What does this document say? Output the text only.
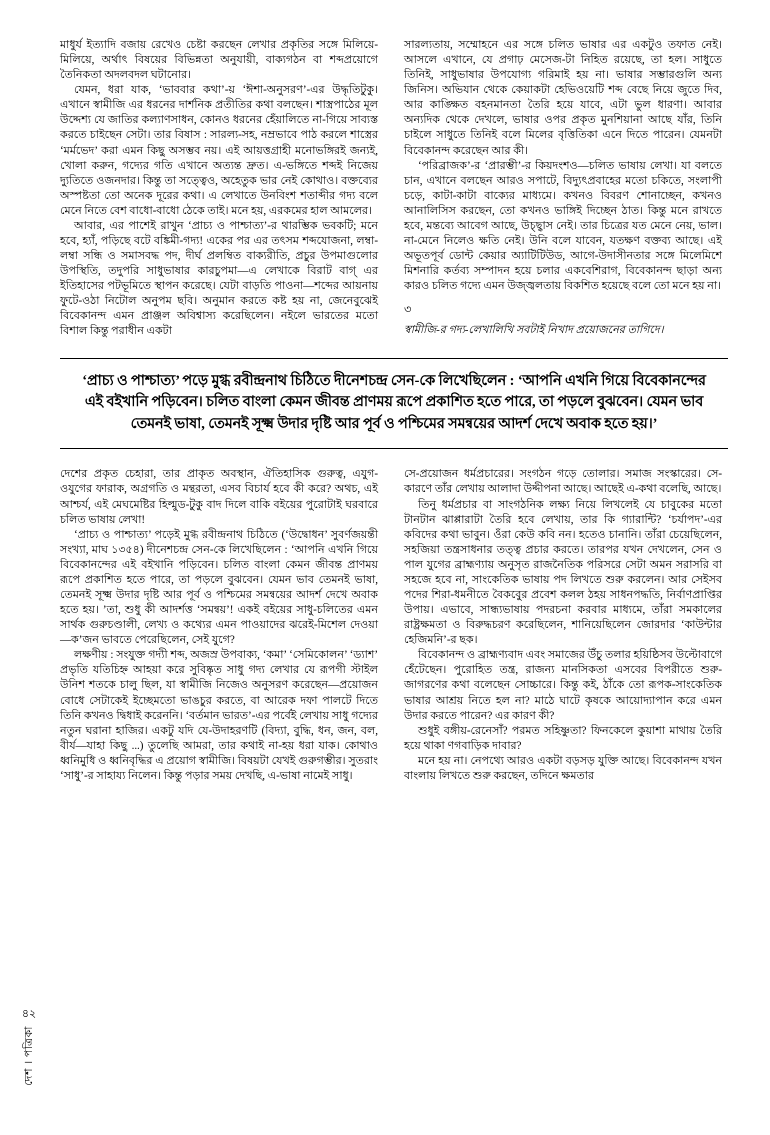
৪২
দেশ । পত্রিকা

মাধুর্য ইত্যাদি বজায় রেখেও চেষ্টা করছেন লেখার প্রকৃতির সঙ্গে মিলিয়ে-মিলিয়ে, অর্থাৎ বিষয়ের বিভিন্নতা অনুযায়ী, বাক্যগঠন বা শব্দপ্রয়োগে তৈনিকতা অদলবদল ঘটানোর।

যেমন, ধরা যাক, ‘ভাববার কথা’-য় ‘ঈশা-অনুসরণ’-এর উদ্ধৃতিটুকু। এখানে স্বামীজি এর ধরনের দার্শনিক প্রতীতির কথা বলছেন। শাস্ত্রপাঠের মূল উদ্দেশ্য যে জাতির কল্যাণসাধন, কোনও ধরনের হেঁয়ালিতে না-গিয়ে সাব্যস্ত করতে চাইছেন সেটা। তার বিষাস : সারল্য-সহ, নম্রভাবে পাঠ করলে শাস্ত্রের ‘মর্মভেদ’ করা এমন কিছু অসম্ভব নয়। এই আয়ত্তগ্রাহী মনোভঙ্গিরই জন্যই, খোলা করুন, গদ্যের গতি এখানে অত্যন্ত দ্রুত। এ-ভঙ্গিতে শব্দই নিজেয় দ্যুতিতে ওজনদার। কিন্তু তা সত্ত্বেও, অহেতুক ভার নেই কোথাও। বক্তব্যের অস্পষ্টতা তো অনেক দূরের কথা। এ লেখাতে উনবিংশ শতাব্দীর গদ্য বলে মেনে নিতে বেশ বাধো-বাধো ঠেকে তাই। মনে হয়, এরকমের হাল আমলের।

আবার, এর পাশেই রাখুন ‘প্রাচ্য ও পাশ্চাত্য’-র থারম্ভিক ভবকটি; মনে হবে, হ্যাঁ, পড়িছে বটে বঙ্কিমী-গদ্য! একের পর এর তৎসম শব্দযোজনা, লম্বা-লম্বা সন্ধি ও সমাসবদ্ধ পদ, দীর্ঘ প্রলম্বিত বাক্যরীতি, প্রচুর উপমাগুলোর উপস্থিতি, তদুপরি সাধুভাষার কারচুপমা—এ লেখাকে বিরাট বাগ্‌ এর ইতিহাসের পটভূমিতে স্থাপন করেছে। যেটা বাড়তি পাওনা—শব্দের আয়নায় ফুটে-ওঠা নিটোল অনুপম ছবি। অনুমান করতে কষ্ট হয় না, জেনেবুঝেই বিবেকানন্দ এমন প্রাঞ্জল অবিশ্বাস্য করেছিলেন। নইলে ভারতের মতো বিশাল কিন্তু পরাধীন একটা

সারল্যতায়, সম্মোহনে এর সঙ্গে চলিত ভাষার এর একটুও তফাত নেই। আসলে এখানে, যে প্রগাঢ় মেসেজ-টা নিহিত রয়েছে, তা হল। সাধুতে তিনিই, সাধুভাষার উপযোগ্য গরিমাই হয় না। ভাষার সম্ভারগুলি অন্য জিনিস। অভিযান থেকে কেয়াকটা হেভিওয়েটি শব্দ বেছে নিয়ে জুতে দিব, আর কাঙ্ক্ষিত বহনমানতা তৈরি হয়ে যাবে, এটা ভুল ধারণা। আবার অন্যদিক থেকে দেখলে, ভাষার ওপর প্রকৃত মুনশিয়ানা আছে যাঁর, তিনি চাইলে সাধুতে তিনিই বলে মিলের বৃত্তিতিকা এনে দিতে পারেন। যেমনটা বিবেকানন্দ করেছেন আর কী।

‘পরিব্রাজক’-র ‘প্রারম্ভী’-র কিয়দংশও—চলিত ভাষায় লেখা। যা বলতে চান, এখানে বলছেন আরও সপাটে, বিদ্যুৎপ্রবাহের মতো চকিতে, সংলাপী চড়ে, কাটা-কাটা বাক্যের মাধ্যমে। কখনও বিবরণ শোনাচ্ছেন, কখনও আনালিসিস করছেন, তো কখনও ভাঙ্গিই দিচ্ছেন ঠাত। কিন্তু মনে রাখতে হবে, মন্তব্যে আবেগ আছে, উচ্ছ্বাস নেই। তার চিত্রের যত মেনে নেয়, ভাল। না-মেনে নিলেও ক্ষতি নেই। উনি বলে যাবেন, যতক্ষণ বক্তব্য আছে। এই অভূতপূর্ব ডোন্ট কেয়ার অ্যাটিটিউড, আগে-উদাসীনতার সঙ্গে মিলেমিশে মিশনারি কর্তব্য সম্পাদন হয়ে চলার একবেশিরাগ, বিবেকানন্দ ছাড়া অন্য কারও চলিত গদ্যে এমন উজ্জ্বলতায় বিকশিত হয়েছে বলে তো মনে হয় না।

৩

স্বামীজি-র গদ্য-লেখালিখি সবটাই নিখাদ প্রয়োজনের তাগিদে।

‘প্রাচ্য ও পাশ্চাত্য’ পড়ে মুগ্ধ রবীন্দ্রনাথ চিঠিতে দীনেশচন্দ্র সেন-কে লিখেছিলেন : ‘আপনি এখনি গিয়ে বিবেকানন্দের এই বইখানি পড়িবেন। চলিত বাংলা কেমন জীবন্ত প্রাণময় রূপে প্রকাশিত হতে পারে, তা পড়লে বুঝবেন। যেমন ভাব তেমনই ভাষা, তেমনই সূক্ষ্ম উদার দৃষ্টি আর পূর্ব ও পশ্চিমের সমন্বয়ের আদর্শ দেখে অবাক হতে হয়।’

দেশের প্রকৃত চেহারা, তার প্রাকৃত অবস্থান, ঐতিহাসিক গুরুত্ব, এযুগ-ওযুগের ফারাক, অগ্রগতি ও মন্থরতা, এসব বিচার্য হবে কী করে? অথচ, এই আশ্চর্য, এই মেঘমেষ্টির হিল্মুড-টুকু বাদ দিলে বাকি বইয়ের পুরোটাই ঘরবারে চলিত ভাষায় লেখা!

‘প্রাচ্য ও পাশ্চাত্য’ পড়েই মুগ্ধ রবীন্দ্রনাথ চিঠিতে (‘উদ্বোধন’ সুবর্ণজয়ন্তী সংখ্যা, মাঘ ১৩৫৪) দীনেশচন্দ্র সেন-কে লিখেছিলেন : ‘আপনি এখনি গিয়ে বিবেকানন্দের এই বইখানি পড়িবেন। চলিত বাংলা কেমন জীবন্ত প্রাণময় রূপে প্রকাশিত হতে পারে, তা পড়লে বুঝবেন। যেমন ভাব তেমনই ভাষা, তেমনই সূক্ষ্ম উদার দৃষ্টি আর পূর্ব ও পশ্চিমের সমন্বয়ের আদর্শ দেখে অবাক হতে হয়। ’তা, শুধু কী আদর্শত্ত ‘সমন্বয়’! একই বইয়ের সাধু-চলিতের এমন সার্থক গুরুচণ্ডালী, লেখ্য ও কথ্যের এমন পাওয়াদের ঝরেই-মিশেল দেওয়া—ক’জন ভাবতে পেরেছিলেন, সেই যুগে?

লক্ষণীয় : সংযুক্ত গদ্যী শব্দ, অজস্র উপবাক্য, ‘কমা’ ‘সেমিকোলন’ ‘ড্যাশ’ প্রভৃতি যতিচিহ্ন আহয়া করে সুবিষ্কৃত সাধু গদ্য লেখার যে রূপগী স্টাইল উনিশ শতকে চালু ছিল, যা স্বামীজি নিজেও অনুসরণ করেছেন—প্রয়োজন বোধে সেটাকেই ইচ্ছেমতো ভাঙচুর করতে, বা আরেক দফা পালটে দিতে তিনি কখনও দ্বিধাই করেননি। ‘বর্তমান ভারত’-এর পর্বেই লেখায় সাধু গদ্যের নতুন ঘরানা হাজির। একটু যদি যে-উদাহরণটি (বিদ্যা, বুদ্ধি, ধন, জন, বল, বীর্য—যাহা কিছু ...) তুলেছি আমরা, তার কথাই না-হয় ধরা যাক। কোথাও ধ্বনিমুধি ও ধ্বনিবৃদ্ধির এ প্রয়োগ স্বামীজি। বিষয়টা যেখই গুরুগম্ভীর। সুতরাং ‘সাধু’-র সাহায্য নিলেন। কিন্তু পড়ার সময় দেখছি, এ-ভাষা নামেই সাধু।

সে-প্রয়োজন ধর্মপ্রচারের। সংগঠন গড়ে তোলার। সমাজ সংস্কারের। সে-কারণে তাঁর লেখায় আলাদা উদ্দীপনা আছে। আছেই এ-কথা বলেছি, আছে।

তিনু ধর্মপ্রচার বা সাংগঠনিক লক্ষ্য নিয়ে লিখলেই যে চাবুকের মতো টানটান ঝাপ্পারাটা তৈরি হবে লেখায়, তার কি গ্যারান্টি? ‘চর্যাপদ’-এর কবিদের কথা ভাবুন। ওঁরা কেউ কবি নন। হতেও চানানি। তাঁরা চেয়েছিলেন, সহজিয়া তন্ত্রসাধনার তত্ত্ব প্রচার করতে। তারপর যখন দেখলেন, সেন ও পাল যুগের ব্রাহ্মণ্যায় অনুসৃত রাজনৈতিক পরিসরে সেটা অমন সরাসরি বা সহজে হবে না, সাংকেতিক ভাষায় পদ লিখতে শুরু করলেন। আর সেইসব পদের শিরা-ধমনীতে বৈকবুের প্রবেশ কলল ঠহয় সাধনপদ্ধতি, নির্বাণপ্রাপ্তির উপায়। এভাবে, সান্ধ্যভাষায় পদরচনা করবার মাধ্যমে, তাঁরা সমকালের রাষ্ট্রক্ষমতা ও বিরুদ্ধচরণ করেছিলেন, শানিয়েছিলেন জোরদার ‘কাউন্টার হেজিমনি’-র ছক।

বিবেকানন্দ ও ব্রাহ্মণ্যবাদ এবং সমাজের উঁচু তলার হয়িষ্ঠিসব উল্টোবাগে হেঁটেছেন। পুরোহিত তন্ত্র, রাজন্য মানসিকতা এসবের বিপরীতে শুরু-জাগরণের কথা বলেছেন সোচ্চারে। কিন্তু কই, ঠাঁকে তো রূপক-সাংকেতিক ভাষার আশ্রয় নিতে হল না? মাঠে ঘাটে কৃষকে আয়োদ্যাপান করে এমন উদার করতে পারেন? এর কারণ কী?

শুধুই বঙ্গীয়-রেনেসাঁ? পরমত সহিষ্ণুতা? ফিনকেলে কুয়াশা মাথায় তৈরি হয়ে থাকা ণগবাড়িক দাবার?

মনে হয় না। নেপথ্যে আরও একটা বড়সড় যুক্তি আছে। বিবেকানন্দ যখন বাংলায় লিখতে শুরু করছেন, তদিনে ক্ষমতার
